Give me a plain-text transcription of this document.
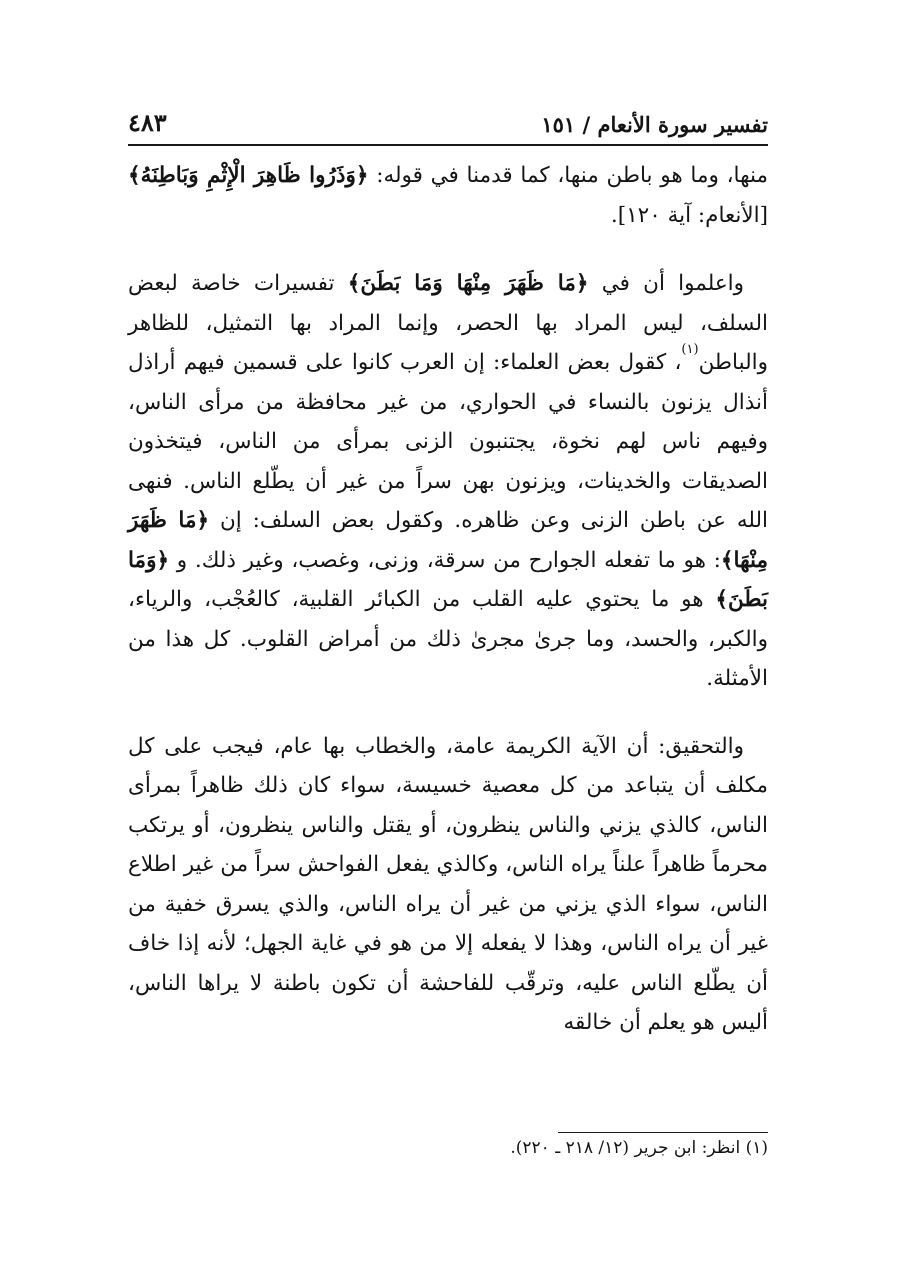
تفسير سورة الأنعام / ١٥١
٤٨٣

منها، وما هو باطن منها، كما قدمنا في قوله: ﴿وَذَرُوا ظَاهِرَ الْإِثْمِ وَبَاطِنَهُ﴾ [الأنعام: آية ١٢٠].

واعلموا أن في ﴿مَا ظَهَرَ مِنْهَا وَمَا بَطَنَ﴾ تفسيرات خاصة لبعض السلف، ليس المراد بها الحصر، وإنما المراد بها التمثيل، للظاهر والباطن$^{(١)}$، كقول بعض العلماء: إن العرب كانوا على قسمين فيهم أراذل أنذال يزنون بالنساء في الحواري، من غير محافظة من مرأى الناس، وفيهم ناس لهم نخوة، يجتنبون الزنى بمرأى من الناس، فيتخذون الصديقات والخدينات، ويزنون بهن سراً من غير أن يطّلع الناس. فنهى الله عن باطن الزنى وعن ظاهره. وكقول بعض السلف: إن ﴿مَا ظَهَرَ مِنْهَا﴾: هو ما تفعله الجوارح من سرقة، وزنى، وغصب، وغير ذلك. و ﴿وَمَا بَطَنَ﴾ هو ما يحتوي عليه القلب من الكبائر القلبية، كالعُجْب، والرياء، والكبر، والحسد، وما جرىٰ مجرىٰ ذلك من أمراض القلوب. كل هذا من الأمثلة.

والتحقيق: أن الآية الكريمة عامة، والخطاب بها عام، فيجب على كل مكلف أن يتباعد من كل معصية خسيسة، سواء كان ذلك ظاهراً بمرأى الناس، كالذي يزني والناس ينظرون، أو يقتل والناس ينظرون، أو يرتكب محرماً ظاهراً علناً يراه الناس، وكالذي يفعل الفواحش سراً من غير اطلاع الناس، سواء الذي يزني من غير أن يراه الناس، والذي يسرق خفية من غير أن يراه الناس، وهذا لا يفعله إلا من هو في غاية الجهل؛ لأنه إذا خاف أن يطّلع الناس عليه، وترقّب للفاحشة أن تكون باطنة لا يراها الناس، أليس هو يعلم أن خالقه

(١) انظر: ابن جرير (١٢/ ٢١٨ ـ ٢٢٠).
